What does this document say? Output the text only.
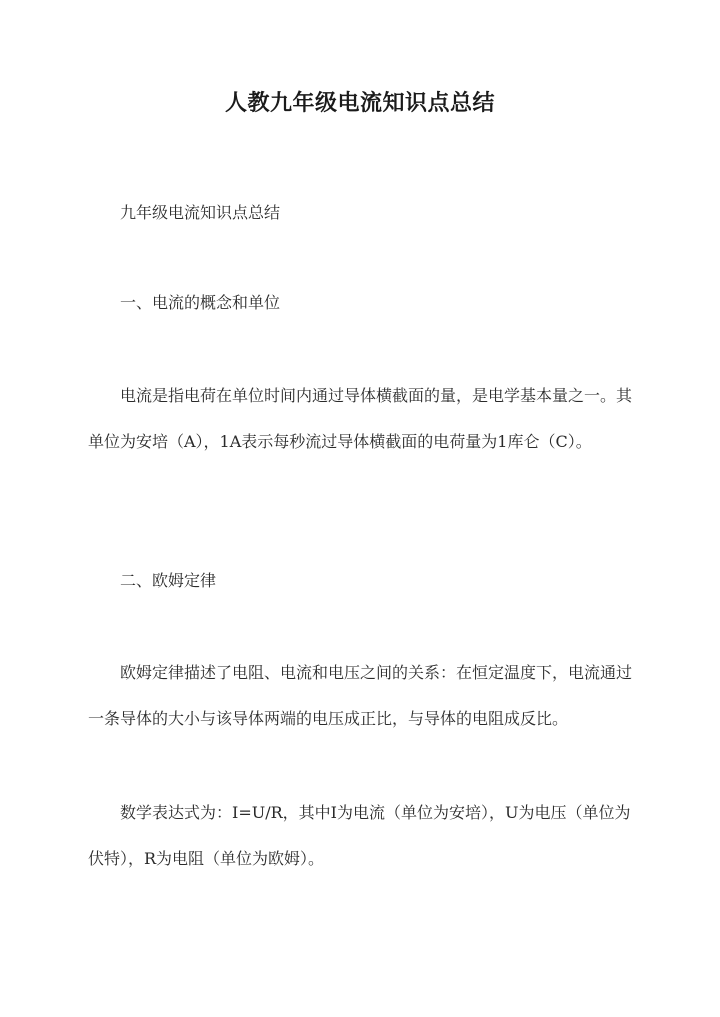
人教九年级电流知识点总结
九年级电流知识点总结
一、电流的概念和单位
电流是指电荷在单位时间内通过导体横截面的量，是电学基本量之一。其单位为安培（A），1A表示每秒流过导体横截面的电荷量为1库仑（C）。
二、欧姆定律
欧姆定律描述了电阻、电流和电压之间的关系：在恒定温度下，电流通过一条导体的大小与该导体两端的电压成正比，与导体的电阻成反比。
数学表达式为：I=U/R，其中I为电流（单位为安培），U为电压（单位为伏特），R为电阻（单位为欧姆）。
